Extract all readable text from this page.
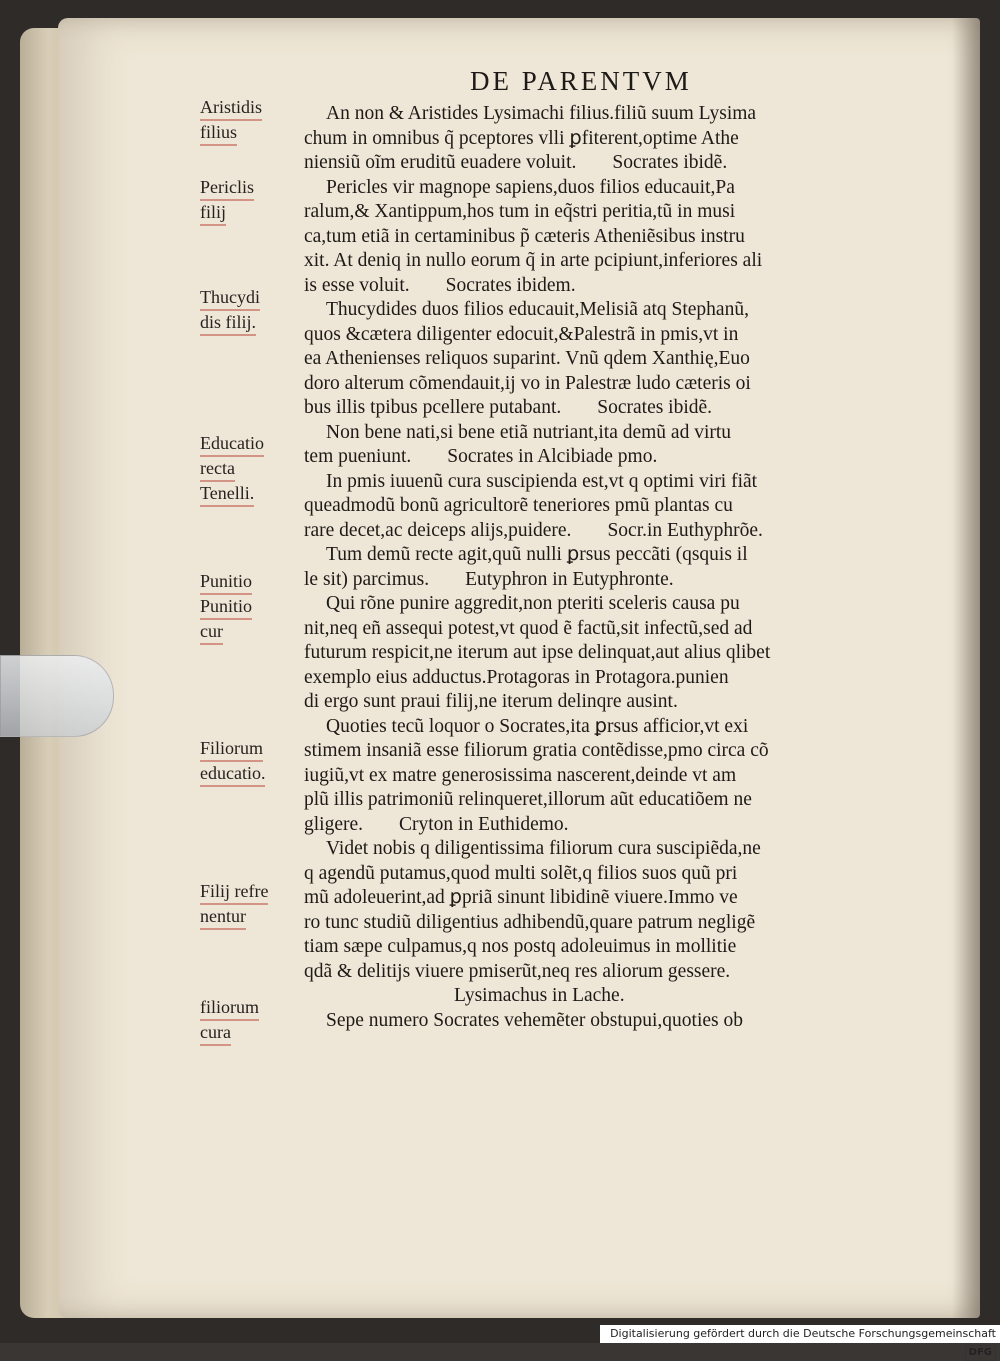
DE PARENTVM
Aristidis
filius
Periclis
filij
Thucydi
dis filij.
Educatio
recta
Tenelli.
Punitio
Punitio
cur
Filiorum
educatio.
Filij refre
nentur
filiorum
cura
An non & Aristides Lysimachi filius.filiũ suum Lysima
chum in omnibus q̃ pceptores vlli ꝑfiterent,optime Athe
niensiũ oĩm eruditũ euadere voluit. Socrates ibidẽ.
Pericles vir magnope sapiens,duos filios educauit,Pa
ralum,& Xantippum,hos tum in eq̃stri peritia,tũ in musi
ca,tum etiã in certaminibus p̃ cæteris Atheniẽsibus instru
xit. At deniq in nullo eorum q̃ in arte pcipiunt,inferiores ali
is esse voluit. Socrates ibidem.
Thucydides duos filios educauit,Melisiã atq Stephanũ,
quos &cætera diligenter edocuit,&Palestrã in pmis,vt in
ea Athenienses reliquos suparint. Vnũ qdem Xanthię,Euo
doro alterum cõmendauit,ij vo in Palestræ ludo cæteris oi
bus illis tpibus pcellere putabant. Socrates ibidẽ.
Non bene nati,si bene etiã nutriant,ita demũ ad virtu
tem pueniunt. Socrates in Alcibiade pmo.
In pmis iuuenũ cura suscipienda est,vt q optimi viri fiãt
queadmodũ bonũ agricultorẽ teneriores pmũ plantas cu
rare decet,ac deiceps alijs,puidere. Socr.in Euthyphrõe.
Tum demũ recte agit,quũ nulli ꝑrsus peccãti (qsquis il
le sit) parcimus. Eutyphron in Eutyphronte.
Qui rõne punire aggredit,non pteriti sceleris causa pu
nit,neq eñ assequi potest,vt quod ẽ factũ,sit infectũ,sed ad
futurum respicit,ne iterum aut ipse delinquat,aut alius qlibet
exemplo eius adductus.Protagoras in Protagora.punien
di ergo sunt praui filij,ne iterum delinqre ausint.
Quoties tecũ loquor o Socrates,ita ꝑrsus afficior,vt exi
stimem insaniã esse filiorum gratia contẽdisse,pmo circa cõ
iugiũ,vt ex matre generosissima nascerent,deinde vt am
plũ illis patrimoniũ relinqueret,illorum aũt educatiõem ne
gligere. Cryton in Euthidemo.
Videt nobis q diligentissima filiorum cura suscipiẽda,ne
q agendũ putamus,quod multi solẽt,q filios suos quũ pri
mũ adoleuerint,ad ꝑpriã sinunt libidinẽ viuere.Immo ve
ro tunc studiũ diligentius adhibendũ,quare patrum negligẽ
tiam sæpe culpamus,q nos postq adoleuimus in mollitie
qdã & delitijs viuere pmiserũt,neq res aliorum gessere.
Lysimachus in Lache.
Sepe numero Socrates vehemẽter obstupui,quoties ob
Digitalisierung gefördert durch die Deutsche Forschungsgemeinschaft DFG
